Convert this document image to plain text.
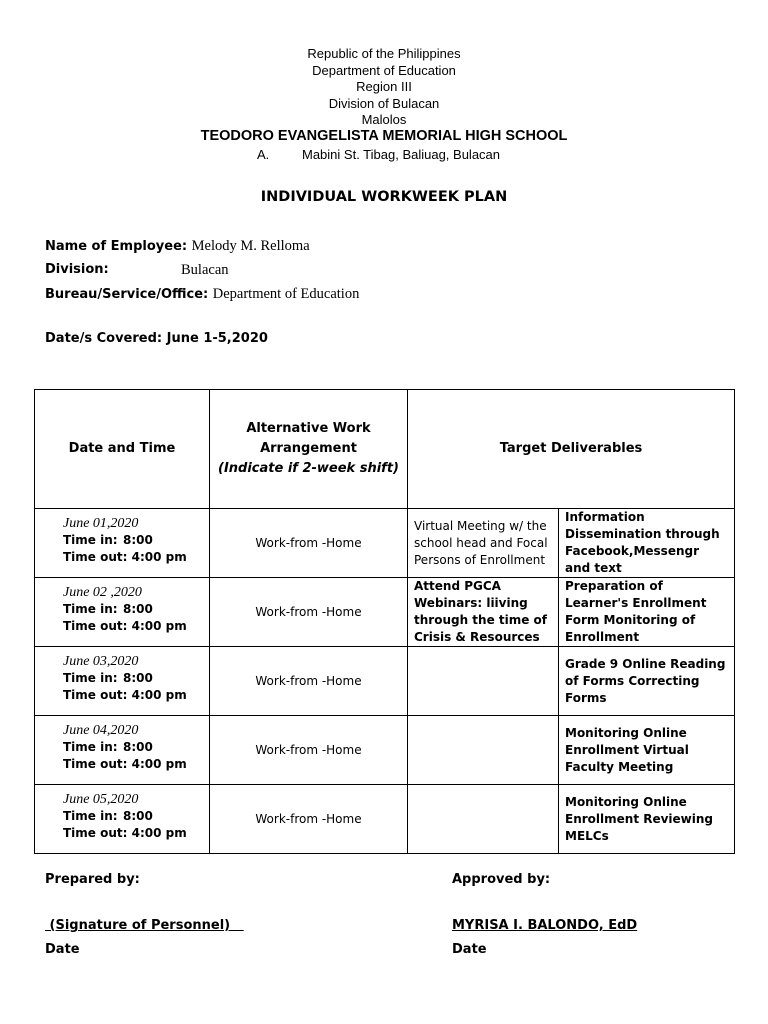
Republic of the Philippines
Department of Education
Region III
Division of Bulacan
Malolos
TEODORO EVANGELISTA MEMORIAL HIGH SCHOOL
A.	Mabini St. Tibag, Baliuag, Bulacan
INDIVIDUAL WORKWEEK PLAN
Name of Employee: Melody M. Relloma
Division:	Bulacan
Bureau/Service/Office: Department of Education
Date/s Covered: June 1-5,2020
Date and Time	Alternative Work
Arrangement
(Indicate if 2-week shift)	Target Deliverables	

June 01,2020
Time in: 8:00
Time out: 4:00 pm	Work-from -Home	Virtual Meeting w/ the school head and Focal Persons of Enrollment	Information Dissemination through Facebook,Messengr and text

June 02 ,2020
Time in: 8:00
Time out: 4:00 pm	Work-from -Home	Attend PGCA Webinars: liiving through the time of Crisis & Resources	Preparation of Learner's Enrollment Form Monitoring of Enrollment

June 03,2020
Time in: 8:00
Time out: 4:00 pm	Work-from -Home		Grade 9 Online Reading of Forms Correcting Forms

June 04,2020
Time in: 8:00
Time out: 4:00 pm	Work-from -Home		Monitoring Online Enrollment Virtual Faculty Meeting

June 05,2020
Time in: 8:00
Time out: 4:00 pm	Work-from -Home		Monitoring Online Enrollment Reviewing MELCs
Prepared by:
(Signature of Personnel)
Date
Approved by:
MYRISA I. BALONDO, EdD
Date
